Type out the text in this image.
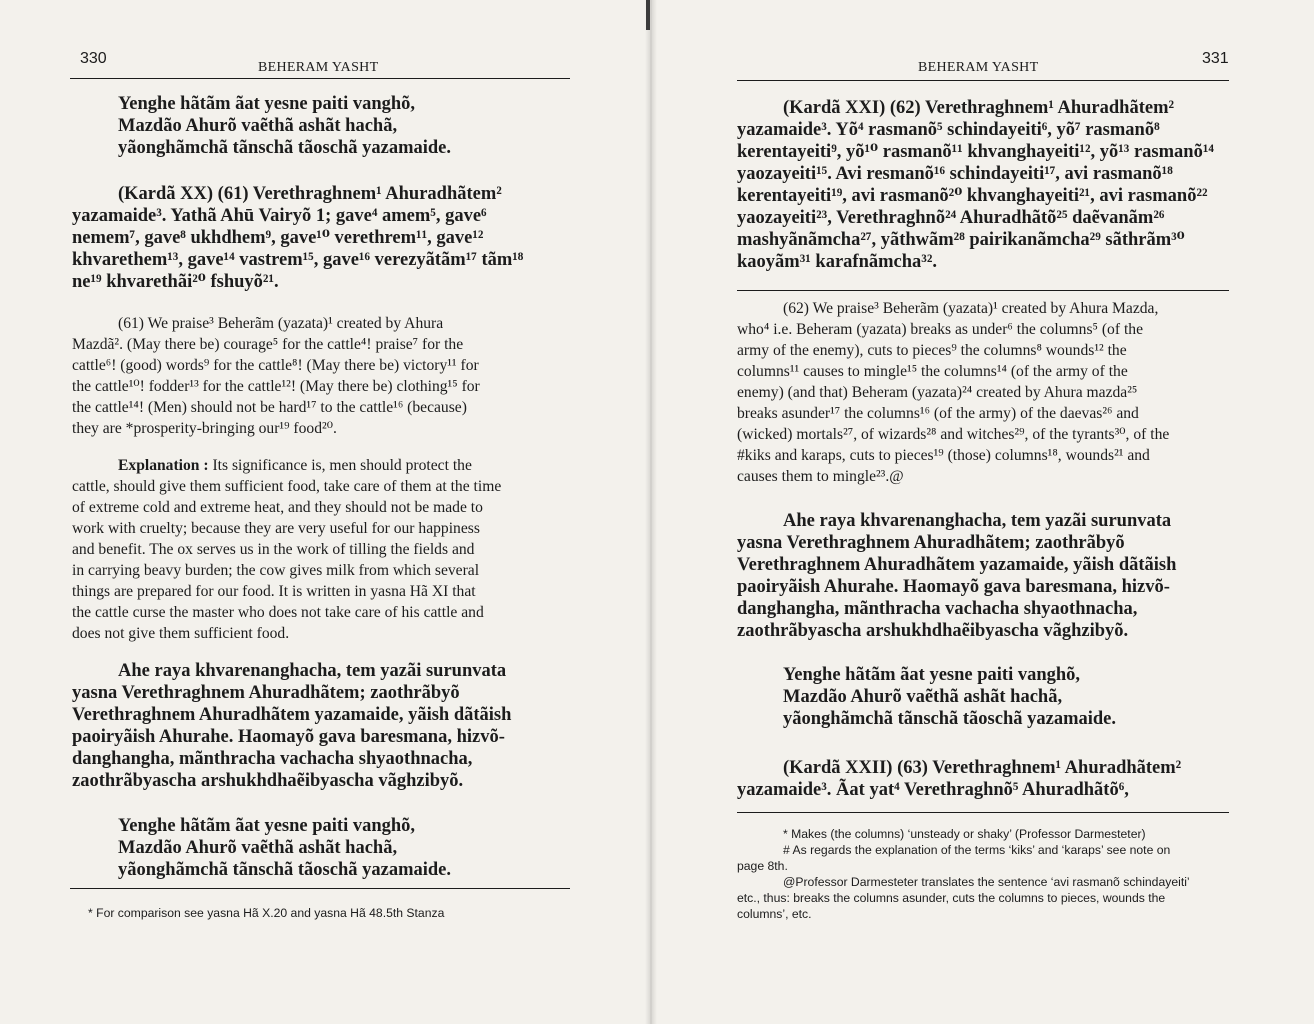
330
BEHERAM YASHT
Yenghe hãtãm ãat yesne paiti vanghõ,
Mazdão Ahurõ vaẽthã ashãt hachã,
yãonghãmchã tãnschã tãoschã yazamaide.
(Kardã XX) (61) Verethraghnem¹ Ahuradhãtem²
yazamaide³. Yathã Ahū Vairyõ 1; gave⁴ amem⁵, gave⁶
nemem⁷, gave⁸ ukhdhem⁹, gave¹⁰ verethrem¹¹, gave¹²
khvarethem¹³, gave¹⁴ vastrem¹⁵, gave¹⁶ verezyãtãm¹⁷ tãm¹⁸
ne¹⁹ khvarethãi²⁰ fshuyõ²¹.
(61) We praise³ Beherãm (yazata)¹ created by Ahura
Mazdã². (May there be) courage⁵ for the cattle⁴! praise⁷ for the
cattle⁶! (good) words⁹ for the cattle⁸! (May there be) victory¹¹ for
the cattle¹⁰! fodder¹³ for the cattle¹²! (May there be) clothing¹⁵ for
the cattle¹⁴! (Men) should not be hard¹⁷ to the cattle¹⁶ (because)
they are *prosperity-bringing our¹⁹ food²⁰.
Explanation : Its significance is, men should protect the
cattle, should give them sufficient food, take care of them at the time
of extreme cold and extreme heat, and they should not be made to
work with cruelty; because they are very useful for our happiness
and benefit. The ox serves us in the work of tilling the fields and
in carrying beavy burden; the cow gives milk from which several
things are prepared for our food. It is written in yasna Hã XI that
the cattle curse the master who does not take care of his cattle and
does not give them sufficient food.
Ahe raya khvarenanghacha, tem yazãi surunvata
yasna Verethraghnem Ahuradhãtem; zaothrãbyõ
Verethraghnem Ahuradhãtem yazamaide, yãish dãtãish
paoiryãish Ahurahe. Haomayõ gava baresmana, hizvõ-
danghangha, mãnthracha vachacha shyaothnacha,
zaothrãbyascha arshukhdhaẽibyascha vãghzibyõ.
Yenghe hãtãm ãat yesne paiti vanghõ,
Mazdão Ahurõ vaẽthã ashãt hachã,
yãonghãmchã tãnschã tãoschã yazamaide.
* For comparison see yasna Hã X.20 and yasna Hã 48.5th Stanza
331
BEHERAM YASHT
(Kardã XXI) (62) Verethraghnem¹ Ahuradhãtem²
yazamaide³. Yõ⁴ rasmanõ⁵ schindayeiti⁶, yõ⁷ rasmanõ⁸
kerentayeiti⁹, yõ¹⁰ rasmanõ¹¹ khvanghayeiti¹², yõ¹³ rasmanõ¹⁴
yaozayeiti¹⁵. Avi resmanõ¹⁶ schindayeiti¹⁷, avi rasmanõ¹⁸
kerentayeiti¹⁹, avi rasmanõ²⁰ khvanghayeiti²¹, avi rasmanõ²²
yaozayeiti²³, Verethraghnõ²⁴ Ahuradhãtõ²⁵ daẽvanãm²⁶
mashyãnãmcha²⁷, yãthwãm²⁸ pairikanãmcha²⁹ sãthrãm³⁰
kaoyãm³¹ karafnãmcha³².
(62) We praise³ Beherãm (yazata)¹ created by Ahura Mazda,
who⁴ i.e. Beheram (yazata) breaks as under⁶ the columns⁵ (of the
army of the enemy), cuts to pieces⁹ the columns⁸ wounds¹² the
columns¹¹ causes to mingle¹⁵ the columns¹⁴ (of the army of the
enemy) (and that) Beheram (yazata)²⁴ created by Ahura mazda²⁵
breaks asunder¹⁷ the columns¹⁶ (of the army) of the daevas²⁶ and
(wicked) mortals²⁷, of wizards²⁸ and witches²⁹, of the tyrants³⁰, of the
#kiks and karaps, cuts to pieces¹⁹ (those) columns¹⁸, wounds²¹ and
causes them to mingle²³.@
Ahe raya khvarenanghacha, tem yazãi surunvata
yasna Verethraghnem Ahuradhãtem; zaothrãbyõ
Verethraghnem Ahuradhãtem yazamaide, yãish dãtãish
paoiryãish Ahurahe. Haomayõ gava baresmana, hizvõ-
danghangha, mãnthracha vachacha shyaothnacha,
zaothrãbyascha arshukhdhaẽibyascha vãghzibyõ.
Yenghe hãtãm ãat yesne paiti vanghõ,
Mazdão Ahurõ vaẽthã ashãt hachã,
yãonghãmchã tãnschã tãoschã yazamaide.
(Kardã XXII) (63) Verethraghnem¹ Ahuradhãtem²
yazamaide³. Ãat yat⁴ Verethraghnõ⁵ Ahuradhãtõ⁶,
* Makes (the columns) ‘unsteady or shaky’ (Professor Darmesteter)
# As regards the explanation of the terms ‘kiks’ and ‘karaps’ see note on
page 8th.
@Professor Darmesteter translates the sentence ‘avi rasmanõ schindayeiti’
etc., thus: breaks the columns asunder, cuts the columns to pieces, wounds the
columns’, etc.
